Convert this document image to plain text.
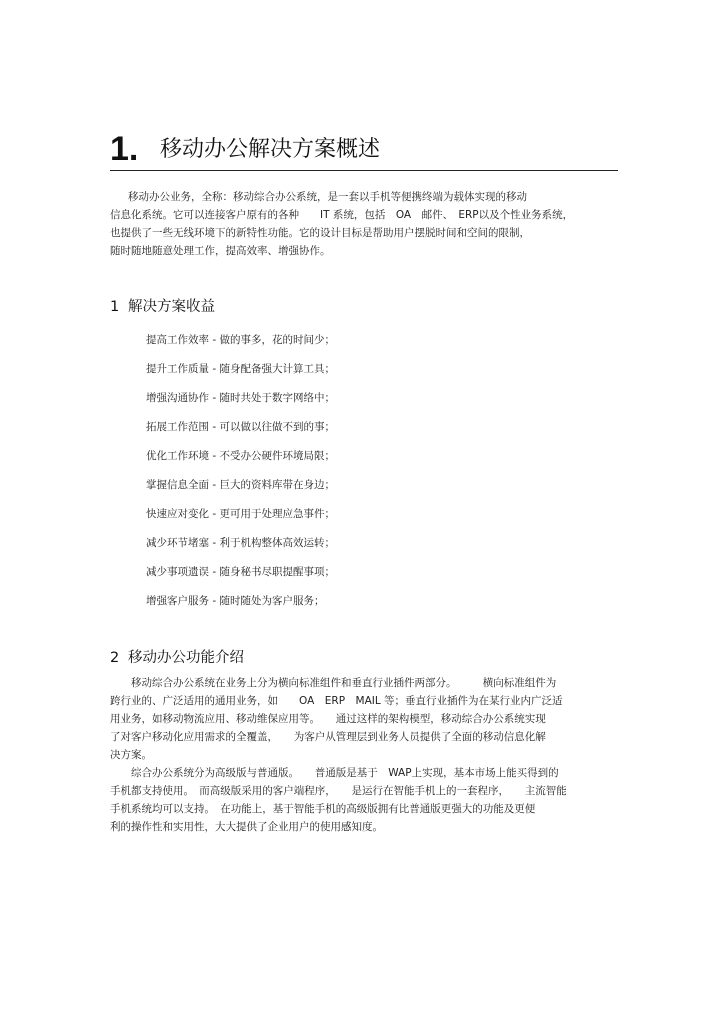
1. 移动办公解决方案概述
移动办公业务，全称：移动综合办公系统，是一套以手机等便携终端为载体实现的移动
信息化系统。它可以连接客户原有的各种　　IT 系统，包括　OA　邮件、　ERP以及个性业务系统，
也提供了一些无线环境下的新特性功能。它的设计目标是帮助用户摆脱时间和空间的限制，
随时随地随意处理工作，提高效率、增强协作。
1 解决方案收益
提高工作效率 - 做的事多，花的时间少；
提升工作质量 - 随身配备强大计算工具；
增强沟通协作 - 随时共处于数字网络中；
拓展工作范围 - 可以做以往做不到的事；
优化工作环境 - 不受办公硬件环境局限；
掌握信息全面 - 巨大的资料库带在身边；
快速应对变化 - 更可用于处理应急事件；
减少环节堵塞 - 利于机构整体高效运转；
减少事项遗误 - 随身秘书尽职提醒事项；
增强客户服务 - 随时随处为客户服务；
2 移动办公功能介绍
　　移动综合办公系统在业务上分为横向标准组件和垂直行业插件两部分。　　　横向标准组件为
跨行业的、广泛适用的通用业务，如　　OA　ERP　MAIL 等；垂直行业插件为在某行业内广泛适
用业务，如移动物流应用、移动维保应用等。　　通过这样的架构模型，移动综合办公系统实现
了对客户移动化应用需求的全覆盖，　　为客户从管理层到业务人员提供了全面的移动信息化解
决方案。
　　综合办公系统分为高级版与普通版。　　普通版是基于　WAP上实现，基本市场上能买得到的
手机都支持使用。　而高级版采用的客户端程序，　　是运行在智能手机上的一套程序，　　主流智能
手机系统均可以支持。　在功能上，基于智能手机的高级版拥有比普通版更强大的功能及更便
利的操作性和实用性，大大提供了企业用户的使用感知度。
